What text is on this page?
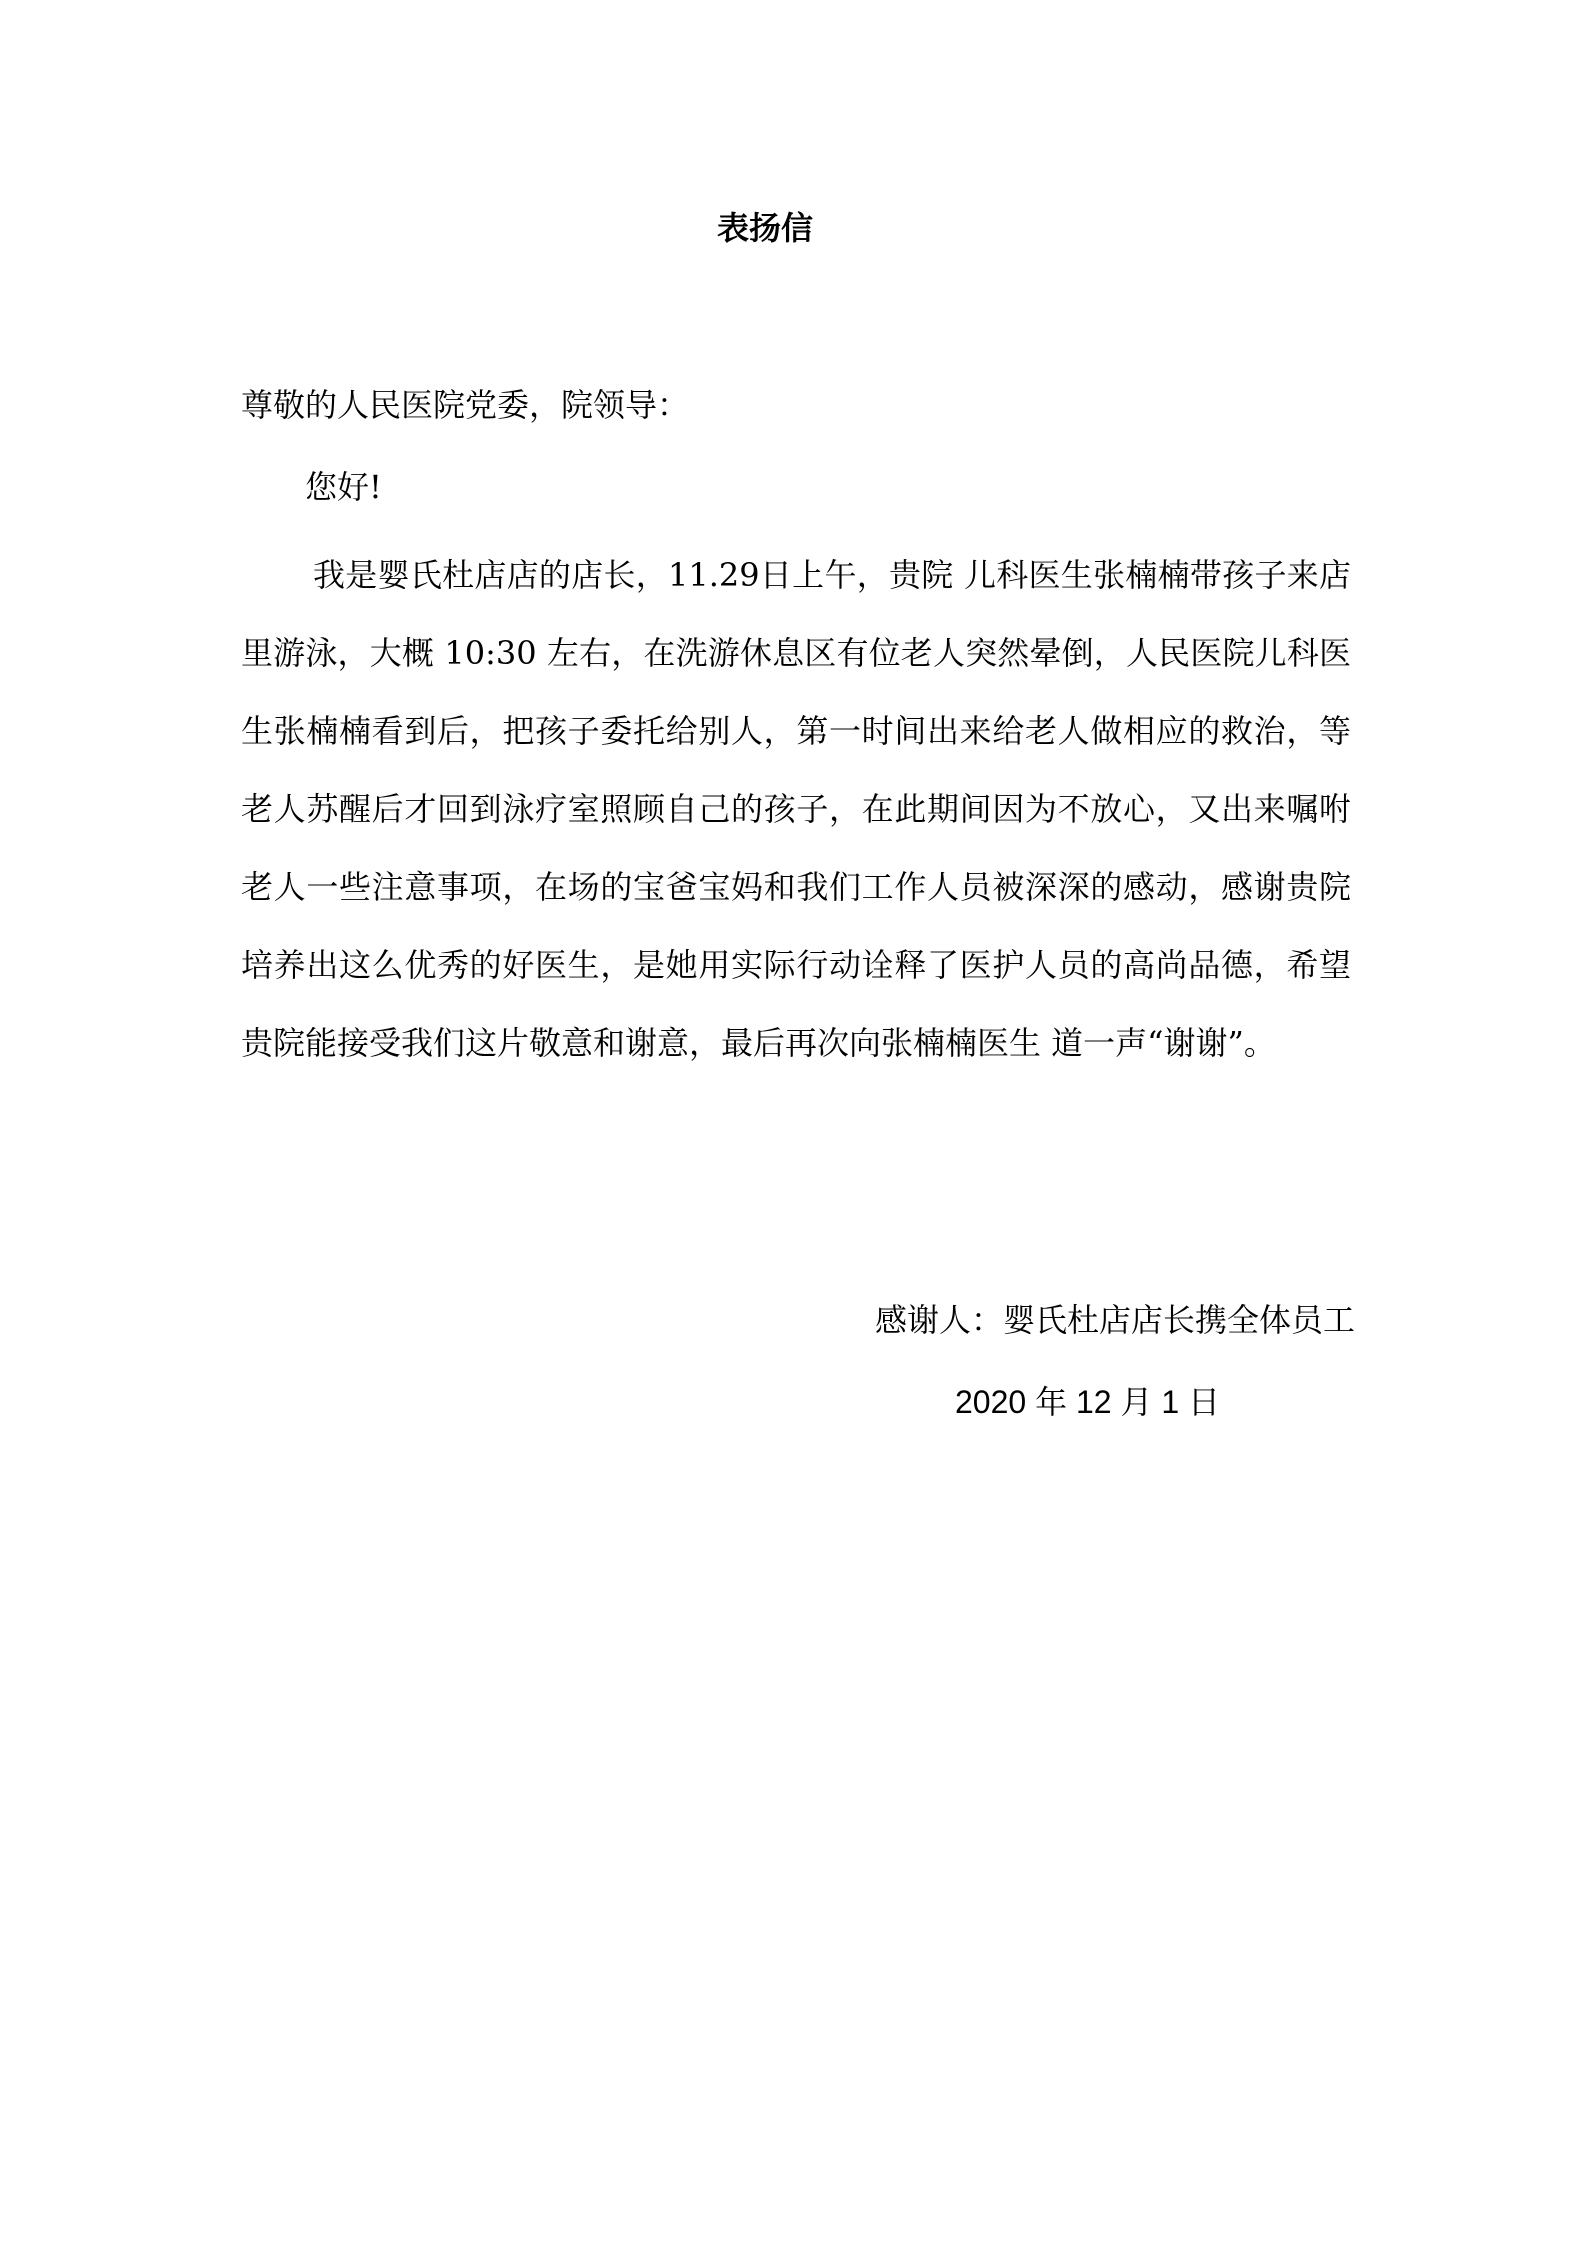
表扬信
尊敬的人民医院党委，院领导：
您好!

我是婴氏杜店店的店长，11.29日上午，贵院 儿科医生张楠楠带孩子来店里游泳，大概 10:30 左右，在洗游休息区有位老人突然晕倒，人民医院儿科医生张楠楠看到后，把孩子委托给别人，第一时间出来给老人做相应的救治，等老人苏醒后才回到泳疗室照顾自己的孩子，在此期间因为不放心，又出来嘱咐老人一些注意事项，在场的宝爸宝妈和我们工作人员被深深的感动，感谢贵院培养出这么优秀的好医生，是她用实际行动诠释了医护人员的高尚品德，希望贵院能接受我们这片敬意和谢意，最后再次向张楠楠医生 道一声“谢谢”。

感谢人：婴氏杜店店长携全体员工
2020 年 12 月 1 日
